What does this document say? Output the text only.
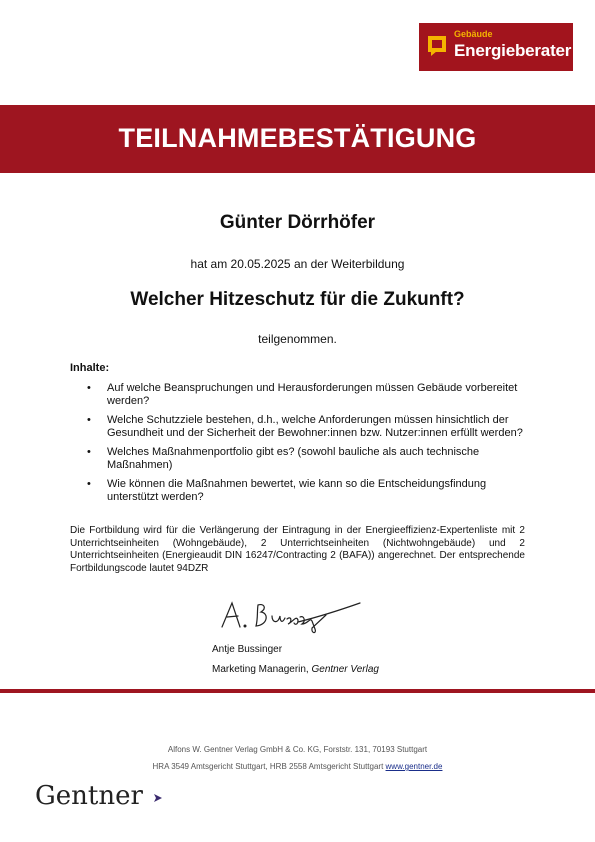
Gebäude
Energieberater
TEILNAHMEBESTÄTIGUNG
Günter Dörrhöfer
hat am 20.05.2025 an der Weiterbildung
Welcher Hitzeschutz für die Zukunft?
teilgenommen.
Inhalte:
• Auf welche Beanspruchungen und Herausforderungen müssen Gebäude vorbereitet werden?
• Welche Schutzziele bestehen, d.h., welche Anforderungen müssen hinsichtlich der Gesundheit und der Sicherheit der Bewohner:innen bzw. Nutzer:innen erfüllt werden?
• Welches Maßnahmenportfolio gibt es? (sowohl bauliche als auch technische Maßnahmen)
• Wie können die Maßnahmen bewertet, wie kann so die Entscheidungsfindung unterstützt werden?
Die Fortbildung wird für die Verlängerung der Eintragung in der Energieeffizienz-Expertenliste mit 2 Unterrichtseinheiten (Wohngebäude), 2 Unterrichtseinheiten (Nichtwohngebäude) und 2 Unterrichtseinheiten (Energieaudit DIN 16247/Contracting 2 (BAFA)) angerechnet. Der entsprechende Fortbildungscode lautet 94DZR
Antje Bussinger
Marketing Managerin, Gentner Verlag
Alfons W. Gentner Verlag GmbH & Co. KG, Forststr. 131, 70193 Stuttgart
HRA 3549 Amtsgericht Stuttgart, HRB 2558 Amtsgericht Stuttgart www.gentner.de
Gentner
